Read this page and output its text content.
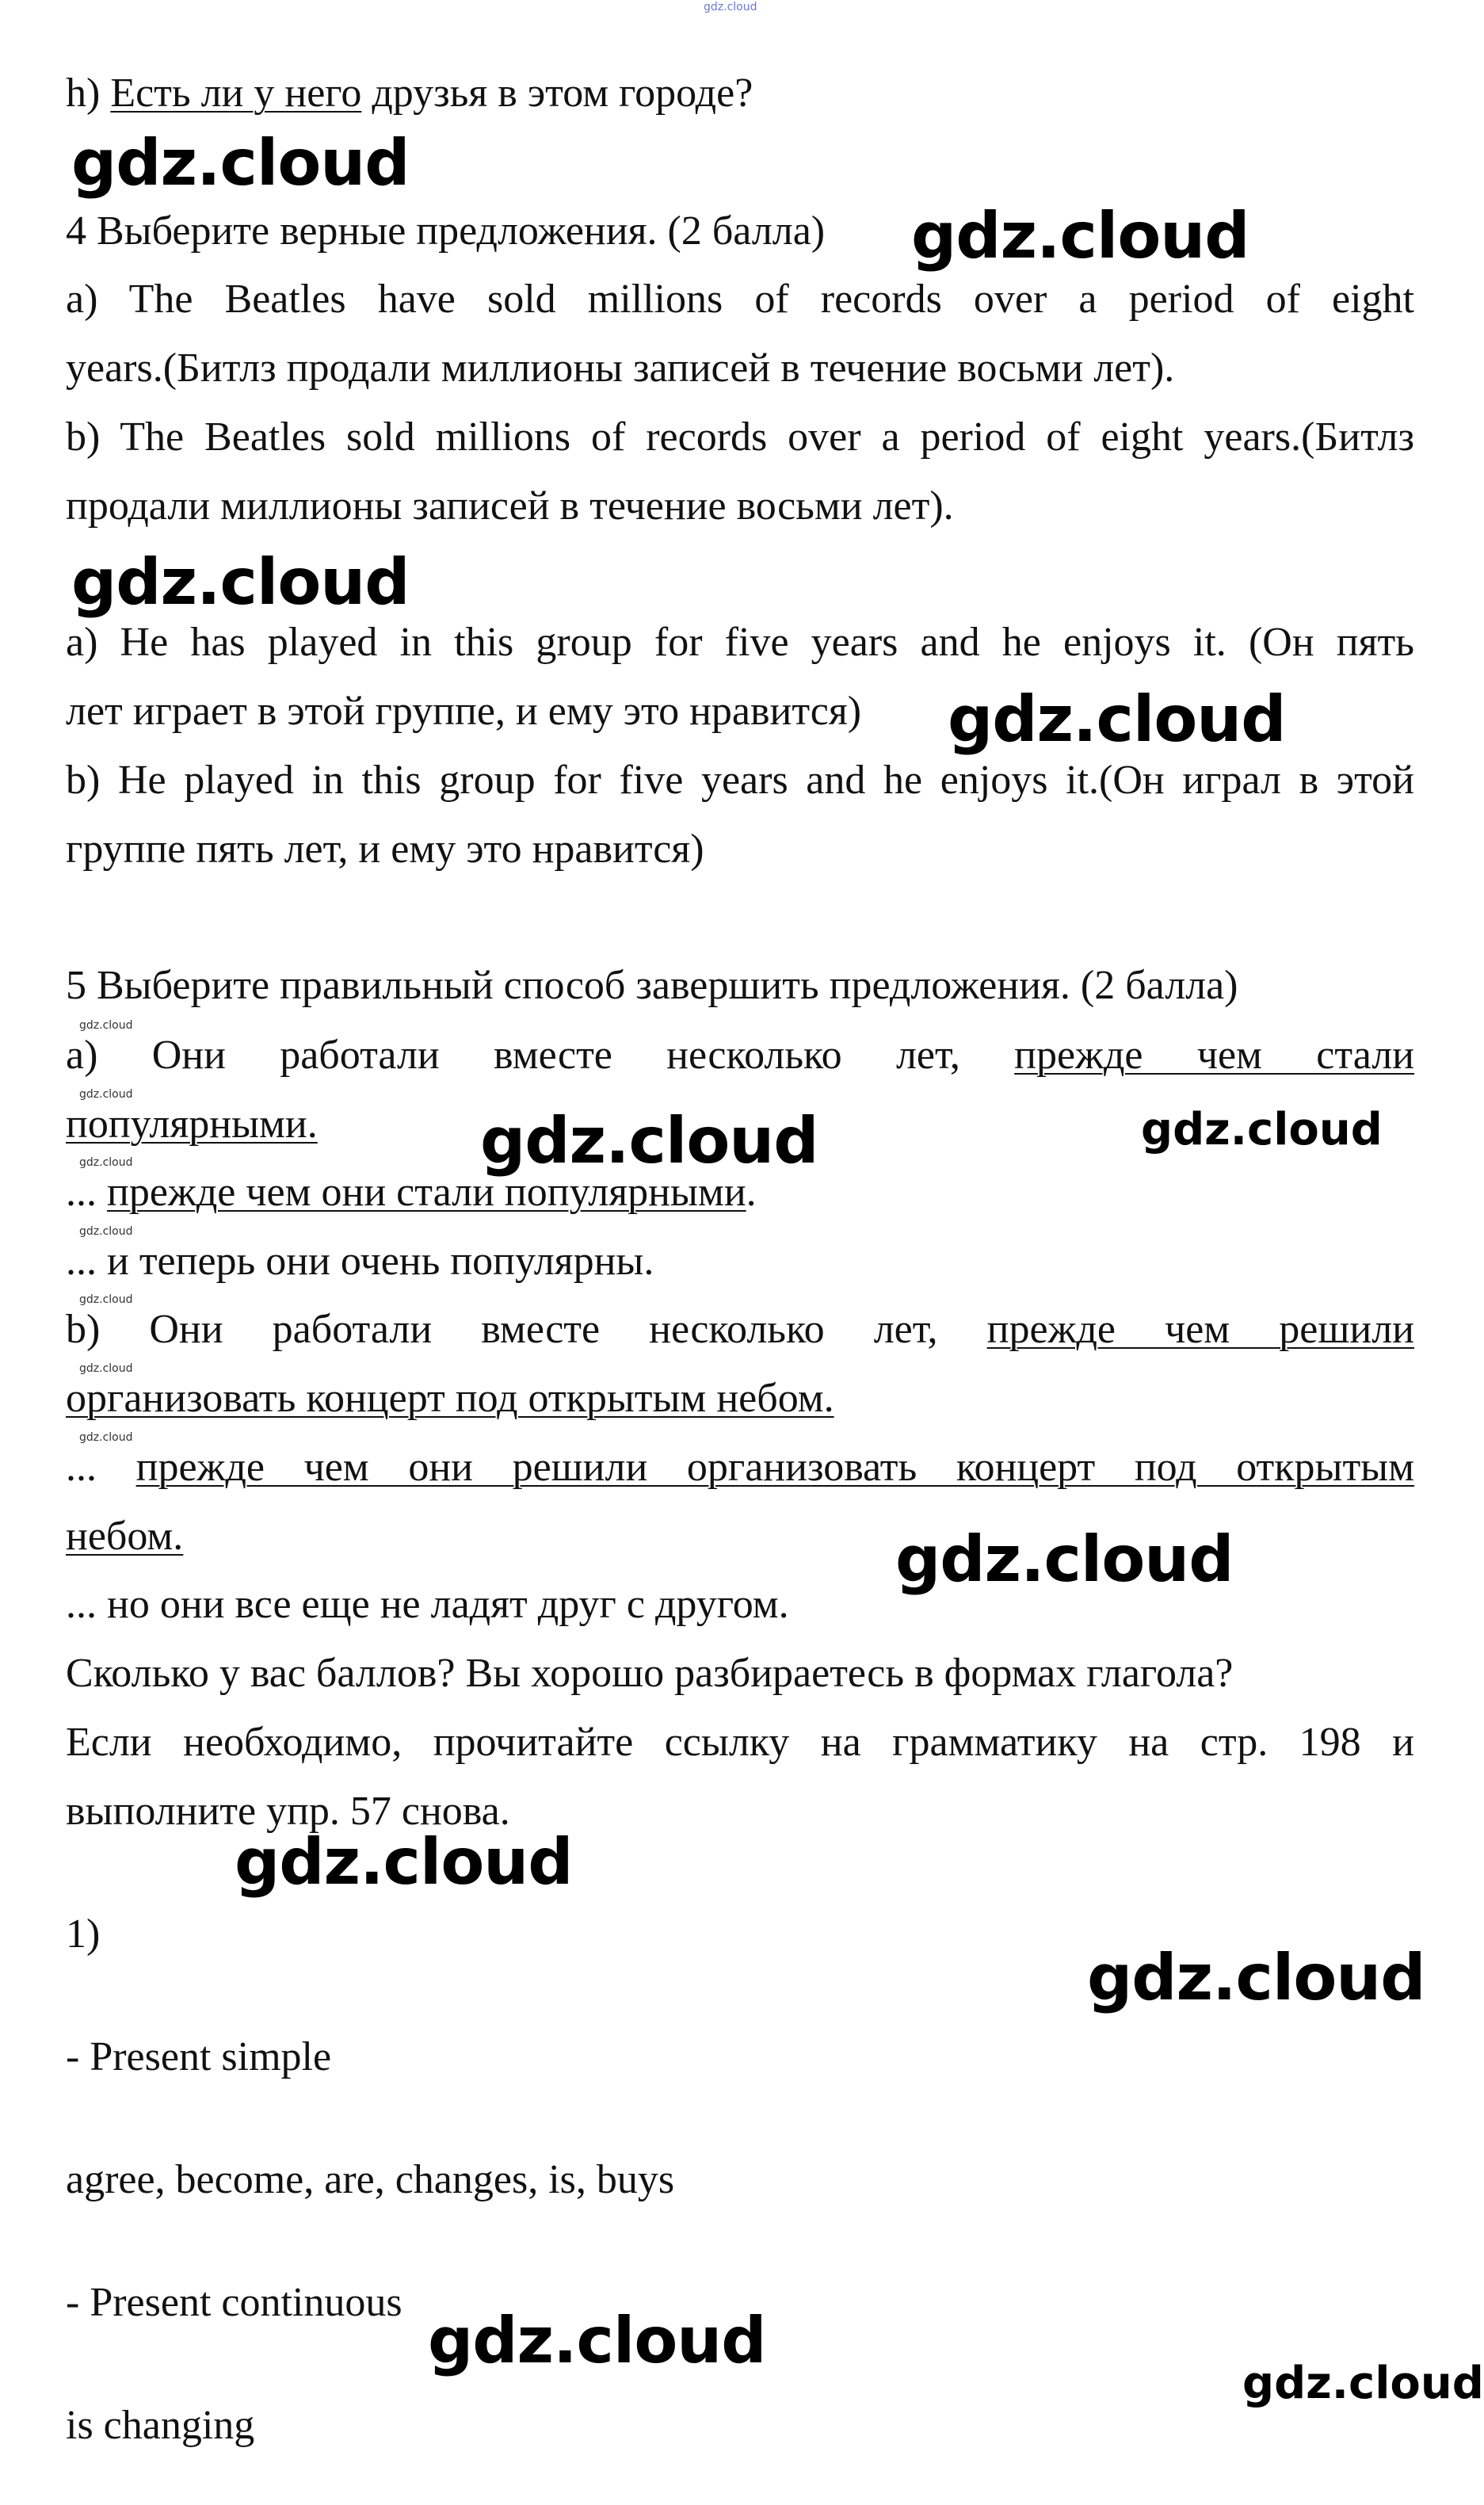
gdz.cloud
h) Есть ли у него друзья в этом городе?
gdz.cloud
4 Выберите верные предложения. (2 балла)	gdz.cloud
a) The Beatles have sold millions of records over a period of eight
years.(Битлз продали миллионы записей в течение восьми лет).
b) The Beatles sold millions of records over a period of eight years.(Битлз
продали миллионы записей в течение восьми лет).
gdz.cloud
a) He has played in this group for five years and he enjoys it. (Он пять
лет играет в этой группе, и ему это нравится)	gdz.cloud
b) He played in this group for five years and he enjoys it.(Он играл в этой
группе пять лет, и ему это нравится)
5 Выберите правильный способ завершить предложения. (2 балла)
gdz.cloud
a) Они работали вместе несколько лет, прежде чем стали
gdz.cloud
популярными.	gdz.cloud	gdz.cloud
gdz.cloud
... прежде чем они стали популярными.
gdz.cloud
... и теперь они очень популярны.
gdz.cloud
b) Они работали вместе несколько лет, прежде чем решили
gdz.cloud
организовать концерт под открытым небом.
gdz.cloud
... прежде чем они решили организовать концерт под открытым
небом.	gdz.cloud
... но они все еще не ладят друг с другом.
Сколько у вас баллов? Вы хорошо разбираетесь в формах глагола?
Если необходимо, прочитайте ссылку на грамматику на стр. 198 и
выполните упр. 57 снова.
gdz.cloud
1)
gdz.cloud
- Present simple
agree, become, are, changes, is, buys
- Present continuous
gdz.cloud
gdz.cloud
is changing
